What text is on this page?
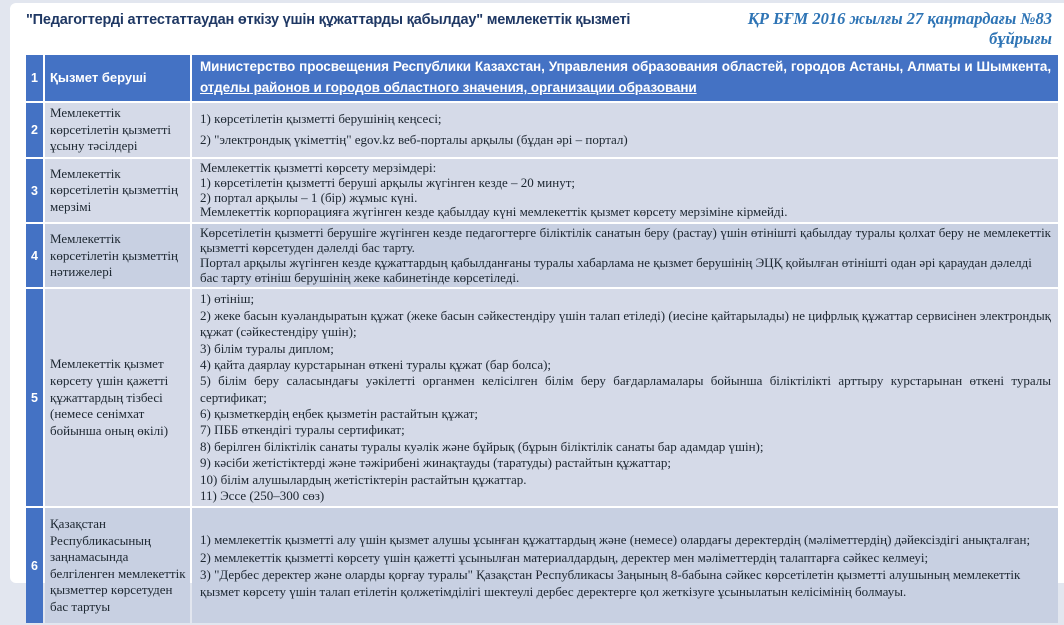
"Педагогтерді аттестаттаудан өткізу үшін құжаттарды қабылдау" мемлекеттік қызметі	ҚР БҒМ 2016 жылғы 27 қаңтардағы №83
бұйрығы
1	Қызмет беруші	Министерство просвещения Республики Казахстан, Управления образования областей, городов Астаны, Алматы и Шымкента, отделы районов и городов областного значения, организации образовани
2	Мемлекеттік көрсетілетін қызметті ұсыну тәсілдері	1) көрсетілетін қызметті берушінің кеңсесі;
2) "электрондық үкіметтің" egov.kz веб-порталы арқылы (бұдан әрі – портал)

3	Мемлекеттік көрсетілетін қызметтің мерзімі	Мемлекеттік қызметті көрсету мерзімдері:
1) көрсетілетін қызметті беруші арқылы жүгінген кезде – 20 минут;
2) портал арқылы – 1 (бір) жұмыс күні.
Мемлекеттік корпорацияға жүгінген кезде қабылдау күні мемлекеттік қызмет көрсету мерзіміне кірмейді.

4	Мемлекеттік көрсетілетін қызметтің нәтижелері	Көрсетілетін қызметті берушіге жүгінген кезде педагогтерге біліктілік санатын беру (растау) үшін өтінішті қабылдау туралы қолхат беру не мемлекеттік қызметті көрсетуден дәлелді бас тарту.
Портал арқылы жүгінген кезде құжаттардың қабылданғаны туралы хабарлама не қызмет берушінің ЭЦҚ қойылған өтінішті одан әрі қараудан дәлелді бас тарту өтініш берушінің жеке кабинетінде көрсетіледі.

5	Мемлекеттік қызмет көрсету үшін қажетті құжаттардың тізбесі (немесе сенімхат бойынша оның өкілі)	
1) өтініш;
2) жеке басын куәландыратын құжат (жеке басын сәйкестендіру үшін талап етіледі) (иесіне қайтарылады) не цифрлық құжаттар сервисінен электрондық құжат (сәйкестендіру үшін);
3) білім туралы диплом;
4) қайта даярлау курстарынан өткені туралы құжат (бар болса);
5) білім беру саласындағы уәкілетті органмен келісілген білім беру бағдарламалары бойынша біліктілікті арттыру курстарынан өткені туралы сертификат;
6) қызметкердің еңбек қызметін растайтын құжат;
7) ПББ өткендігі туралы сертификат;
8) берілген біліктілік санаты туралы куәлік және бұйрық (бұрын біліктілік санаты бар адамдар үшін);
9) кәсіби жетістіктерді және тәжірибені жинақтауды (таратуды) растайтын құжаттар;
10) білім алушылардың жетістіктерін растайтын құжаттар.
11) Эссе (250–300 сөз)

6	Қазақстан Республикасының заңнамасында белгіленген мемлекеттік қызметтер көрсетуден бас тартуы	1) мемлекеттік қызметті алу үшін қызмет алушы ұсынған құжаттардың және (немесе) олардағы деректердің (мәліметтердің) дәйексіздігі анықталған;
2) мемлекеттік қызметті көрсету үшін қажетті ұсынылған материалдардың, деректер мен мәліметтердің талаптарға сәйкес келмеуі;
3) "Дербес деректер және оларды қорғау туралы" Қазақстан Республикасы Заңының 8-бабына сәйкес көрсетілетін қызметті алушының мемлекеттік қызмет көрсету үшін талап етілетін қолжетімділігі шектеулі дербес деректерге қол жеткізуге ұсынылатын келісімінің болмауы.
